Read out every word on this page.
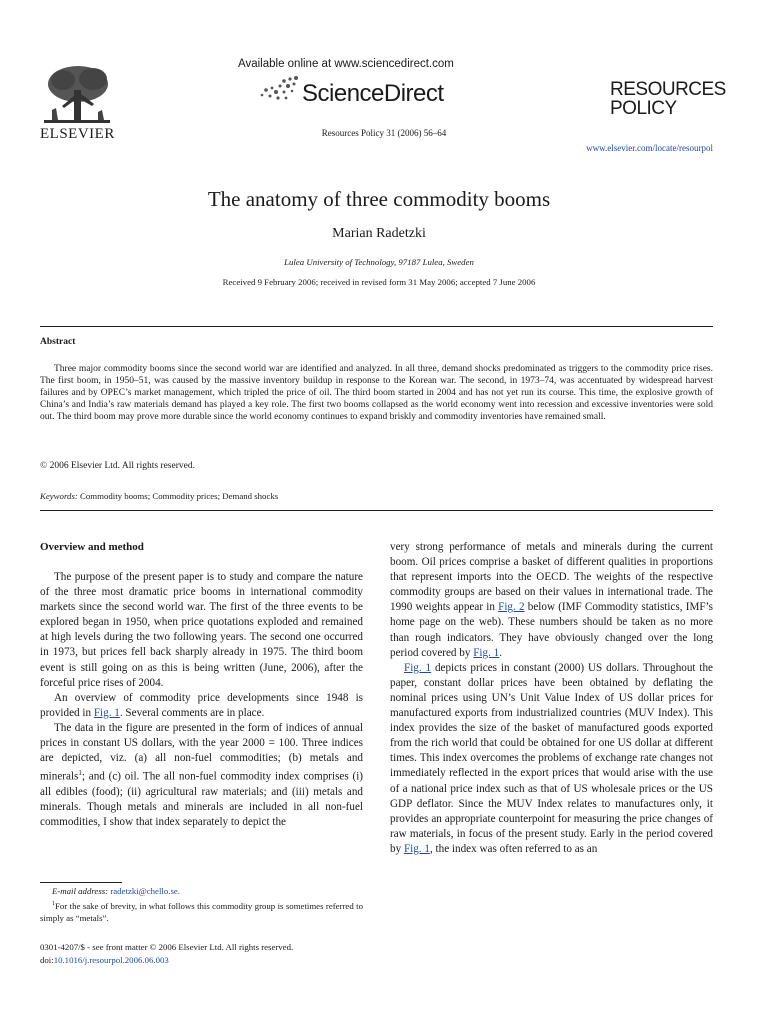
ELSEVIER
Available online at www.sciencedirect.com
ScienceDirect
Resources Policy 31 (2006) 56–64
RESOURCES
POLICY
www.elsevier.com/locate/resourpol
The anatomy of three commodity booms
Marian Radetzki
Lulea University of Technology, 97187 Lulea, Sweden
Received 9 February 2006; received in revised form 31 May 2006; accepted 7 June 2006
Abstract
Three major commodity booms since the second world war are identified and analyzed. In all three, demand shocks predominated as triggers to the commodity price rises. The first boom, in 1950–51, was caused by the massive inventory buildup in response to the Korean war. The second, in 1973–74, was accentuated by widespread harvest failures and by OPEC’s market management, which tripled the price of oil. The third boom started in 2004 and has not yet run its course. This time, the explosive growth of China’s and India’s raw materials demand has played a key role. The first two booms collapsed as the world economy went into recession and excessive inventories were sold out. The third boom may prove more durable since the world economy continues to expand briskly and commodity inventories have remained small.
© 2006 Elsevier Ltd. All rights reserved.
Keywords: Commodity booms; Commodity prices; Demand shocks
Overview and method

The purpose of the present paper is to study and compare the nature of the three most dramatic price booms in international commodity markets since the second world war. The first of the three events to be explored began in 1950, when price quotations exploded and remained at high levels during the two following years. The second one occurred in 1973, but prices fell back sharply already in 1975. The third boom event is still going on as this is being written (June, 2006), after the forceful price rises of 2004.

An overview of commodity price developments since 1948 is provided in Fig. 1. Several comments are in place.

The data in the figure are presented in the form of indices of annual prices in constant US dollars, with the year 2000 = 100. Three indices are depicted, viz. (a) all non-fuel commodities; (b) metals and minerals$^1$; and (c) oil. The all non-fuel commodity index comprises (i) all edibles (food); (ii) agricultural raw materials; and (iii) metals and minerals. Though metals and minerals are included in all non-fuel commodities, I show that index separately to depict the

very strong performance of metals and minerals during the current boom. Oil prices comprise a basket of different qualities in proportions that represent imports into the OECD. The weights of the respective commodity groups are based on their values in international trade. The 1990 weights appear in Fig. 2 below (IMF Commodity statistics, IMF’s home page on the web). These numbers should be taken as no more than rough indicators. They have obviously changed over the long period covered by Fig. 1.

Fig. 1 depicts prices in constant (2000) US dollars. Throughout the paper, constant dollar prices have been obtained by deflating the nominal prices using UN’s Unit Value Index of US dollar prices for manufactured exports from industrialized countries (MUV Index). This index provides the size of the basket of manufactured goods exported from the rich world that could be obtained for one US dollar at different times. This index overcomes the problems of exchange rate changes not immediately reflected in the export prices that would arise with the use of a national price index such as that of US wholesale prices or the US GDP deflator. Since the MUV Index relates to manufactures only, it provides an appropriate counterpoint for measuring the price changes of raw materials, in focus of the present study. Early in the period covered by Fig. 1, the index was often referred to as an

E-mail address: radetzki@chello.se.
$^1$For the sake of brevity, in what follows this commodity group is sometimes referred to simply as “metals”.
0301-4207/$ - see front matter © 2006 Elsevier Ltd. All rights reserved.
doi:10.1016/j.resourpol.2006.06.003
